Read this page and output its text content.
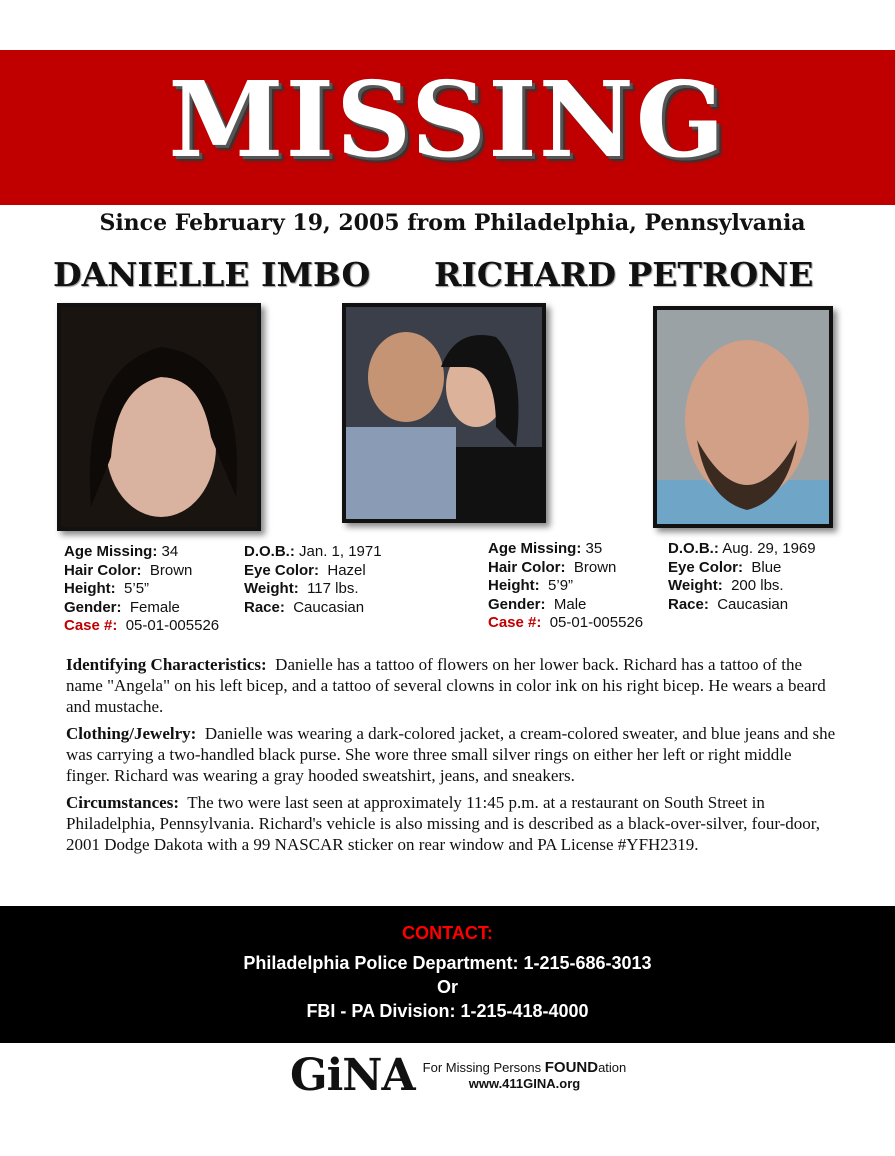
MISSING
Since February 19, 2005 from Philadelphia, Pennsylvania
DANIELLE IMBO RICHARD PETRONE
Age Missing: 34
Hair Color: Brown
Height: 5’5”
Gender: Female
Case #: 05-01-005526
D.O.B.: Jan. 1, 1971
Eye Color: Hazel
Weight: 117 lbs.
Race: Caucasian
Age Missing: 35
Hair Color: Brown
Height: 5’9”
Gender: Male
Case #: 05-01-005526
D.O.B.: Aug. 29, 1969
Eye Color: Blue
Weight: 200 lbs.
Race: Caucasian

Identifying Characteristics: Danielle has a tattoo of flowers on her lower back. Richard has a tattoo of the name "Angela" on his left bicep, and a tattoo of several clowns in color ink on his right bicep. He wears a beard and mustache.

Clothing/Jewelry: Danielle was wearing a dark-colored jacket, a cream-colored sweater, and blue jeans and she was carrying a two-handled black purse. She wore three small silver rings on either her left or right middle finger. Richard was wearing a gray hooded sweatshirt, jeans, and sneakers.

Circumstances: The two were last seen at approximately 11:45 p.m. at a restaurant on South Street in Philadelphia, Pennsylvania. Richard's vehicle is also missing and is described as a black-over-silver, four-door, 2001 Dodge Dakota with a 99 NASCAR sticker on rear window and PA License #YFH2319.

CONTACT:
Philadelphia Police Department: 1-215-686-3013
Or
FBI - PA Division: 1-215-418-4000
GiNA For Missing Persons FOUNDation
www.411GINA.org
